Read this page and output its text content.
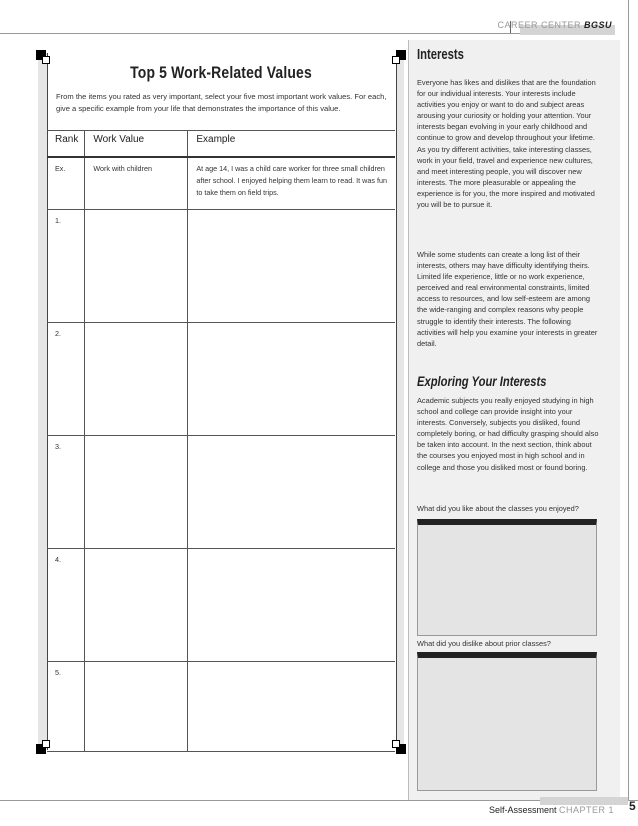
CAREER CENTER BGSU
Top 5 Work-Related Values
From the items you rated as very important, select your five most important work values. For each, give a specific example from your life that demonstrates the importance of this value.
Rank	Work Value	Example
Ex.	Work with children	At age 14, I was a child care worker for three small children after school. I enjoyed helping them learn to read. It was fun to take them on field trips.
1.		
2.		
3.		
4.		
5.		
Interests
Everyone has likes and dislikes that are the foundation for our individual interests. Your interests include activities you enjoy or want to do and subject areas arousing your curiosity or holding your attention. Your interests began evolving in your early childhood and continue to grow and develop throughout your lifetime. As you try different activities, take interesting classes, work in your field, travel and experience new cultures, and meet interesting people, you will discover new interests. The more pleasurable or appealing the experience is for you, the more inspired and motivated you will be to pursue it.
While some students can create a long list of their interests, others may have difficulty identifying theirs. Limited life experience, little or no work experience, perceived and real environmental constraints, limited access to resources, and low self-esteem are among the wide-ranging and complex reasons why people struggle to identify their interests. The following activities will help you examine your interests in greater detail.
Exploring Your Interests
Academic subjects you really enjoyed studying in high school and college can provide insight into your interests. Conversely, subjects you disliked, found completely boring, or had difficulty grasping should also be taken into account. In the next section, think about the courses you enjoyed most in high school and in college and those you disliked most or found boring.
What did you like about the classes you enjoyed?
What did you dislike about prior classes?
Self-Assessment CHAPTER 1 5
